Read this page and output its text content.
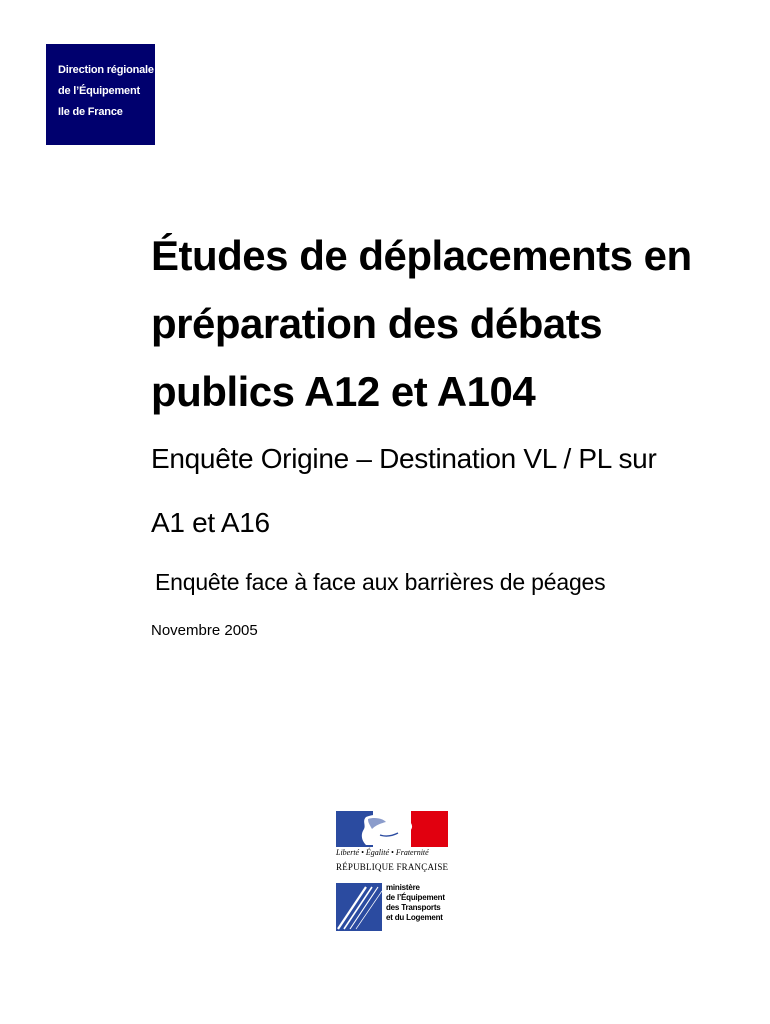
Direction régionale
de l’Équipement
Ile de France
Études de déplacements en
préparation des débats
publics A12 et A104
Enquête Origine – Destination VL / PL sur
A1 et A16

Enquête face à face aux barrières de péages

Novembre 2005

Liberté • Égalité • Fraternité
RÉPUBLIQUE FRANÇAISE
ministère
de l’Équipement
des Transports
et du Logement
